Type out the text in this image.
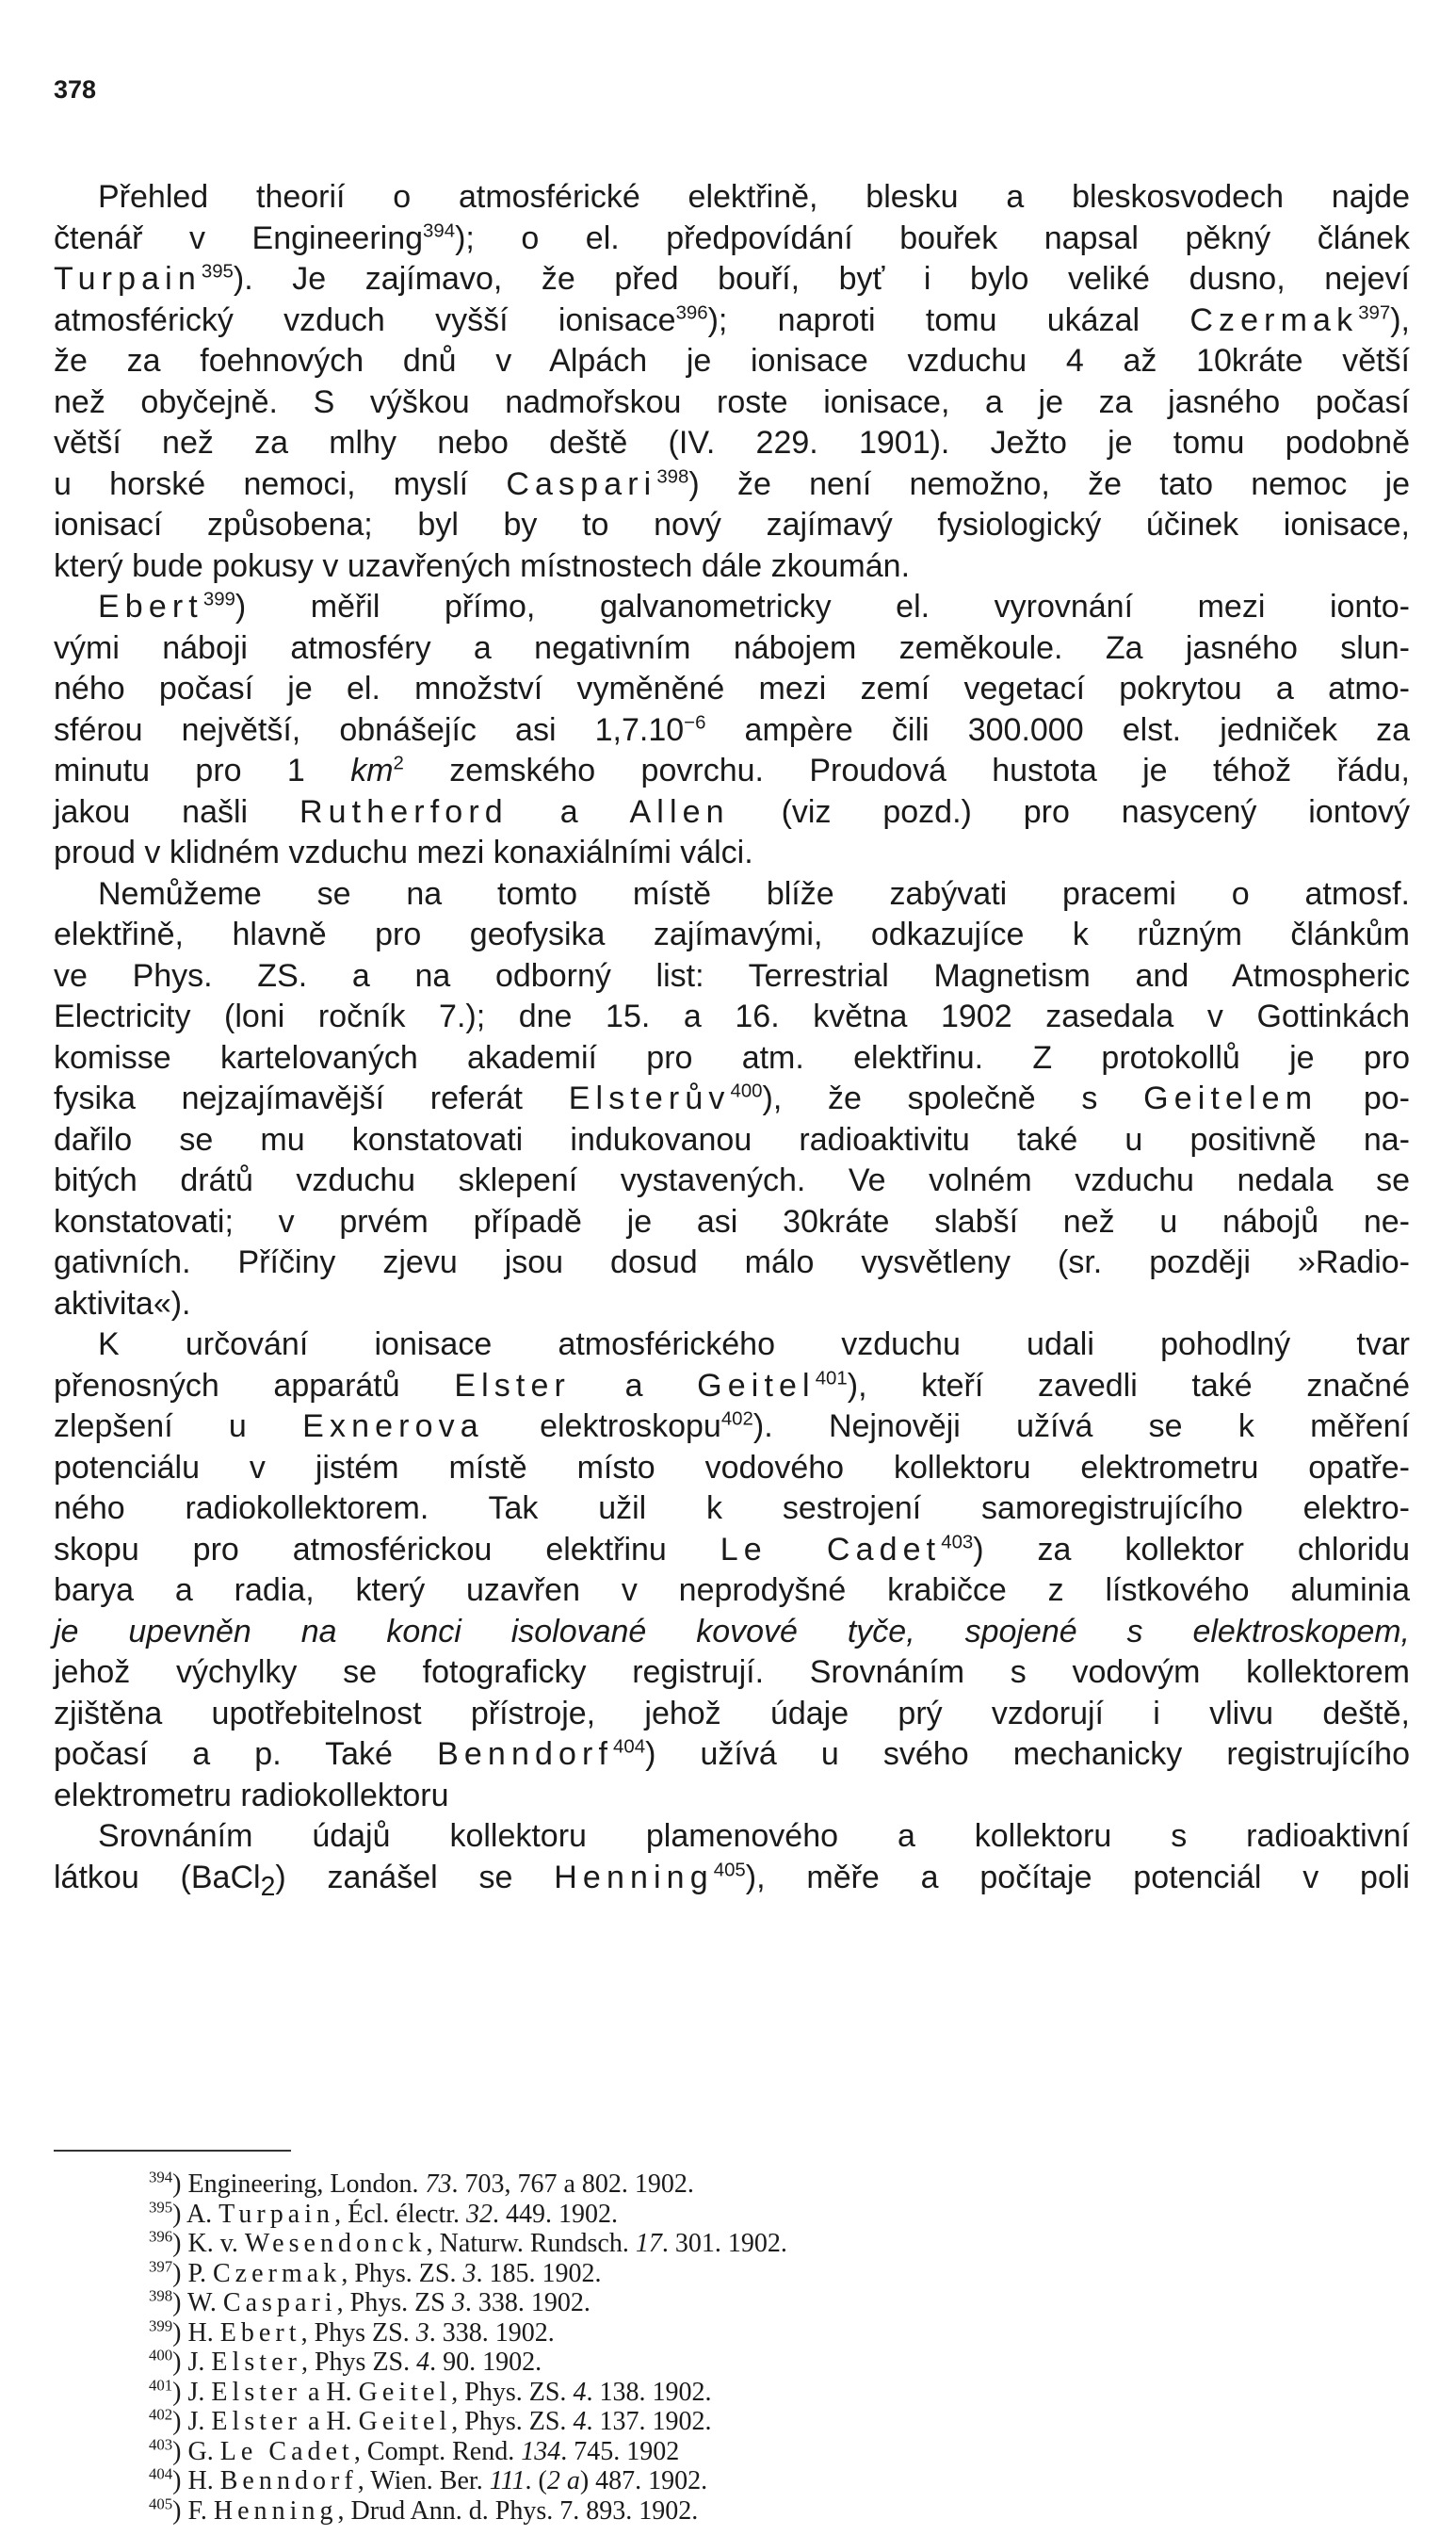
378
Přehled theorií o atmosférické elektřině, blesku a bleskosvodech najde
čtenář v Engineering$^{394}$); o el. předpovídání bouřek napsal pěkný článek
Turpain$^{395}$). Je zajímavo, že před bouří, byť i bylo veliké dusno, nejeví
atmosférický vzduch vyšší ionisace$^{396}$); naproti tomu ukázal Czermak$^{397}$),
že za foehnových dnů v Alpách je ionisace vzduchu 4 až 10kráte větší
než obyčejně. S výškou nadmořskou roste ionisace, a je za jasného počasí
větší než za mlhy nebo deště (IV. 229. 1901). Ježto je tomu podobně
u horské nemoci, myslí Caspari$^{398}$) že není nemožno, že tato nemoc je
ionisací způsobena; byl by to nový zajímavý fysiologický účinek ionisace,
který bude pokusy v uzavřených místnostech dále zkoumán.
Ebert$^{399}$) měřil přímo, galvanometricky el. vyrovnání mezi ionto-
vými náboji atmosféry a negativním nábojem zeměkoule. Za jasného slun-
ného počasí je el. množství vyměněné mezi zemí vegetací pokrytou a atmo-
sférou největší, obnášejíc asi $1,7.10^{-6}$ ampère čili 300.000 elst. jedniček za
minutu pro 1 $km^2$ zemského povrchu. Proudová hustota je téhož řádu,
jakou našli Rutherford a Allen (viz pozd.) pro nasycený iontový
proud v klidném vzduchu mezi konaxiálními válci.
Nemůžeme se na tomto místě blíže zabývati pracemi o atmosf.
elektřině, hlavně pro geofysika zajímavými, odkazujíce k různým článkům
ve Phys. ZS. a na odborný list: Terrestrial Magnetism and Atmospheric
Electricity (loni ročník 7.); dne 15. a 16. května 1902 zasedala v Gottinkách
komisse kartelovaných akademií pro atm. elektřinu. Z protokollů je pro
fysika nejzajímavější referát Elsterův$^{400}$), že společně s Geitelem po-
dařilo se mu konstatovati indukovanou radioaktivitu také u positivně na-
bitých drátů vzduchu sklepení vystavených. Ve volném vzduchu nedala se
konstatovati; v prvém případě je asi 30kráte slabší než u nábojů ne-
gativních. Příčiny zjevu jsou dosud málo vysvětleny (sr. později »Radio-
aktivita«).
K určování ionisace atmosférického vzduchu udali pohodlný tvar
přenosných apparátů Elster a Geitel$^{401}$), kteří zavedli také značné
zlepšení u Exnerova elektroskopu$^{402}$). Nejnověji užívá se k měření
potenciálu v jistém místě místo vodového kollektoru elektrometru opatře-
ného radiokollektorem. Tak užil k sestrojení samoregistrujícího elektro-
skopu pro atmosférickou elektřinu Le Cadet$^{403}$) za kollektor chloridu
barya a radia, který uzavřen v neprodyšné krabičce z lístkového aluminia
je upevněn na konci isolované kovové tyče, spojené s elektroskopem,
jehož výchylky se fotograficky registrují. Srovnáním s vodovým kollektorem
zjištěna upotřebitelnost přístroje, jehož údaje prý vzdorují i vlivu deště,
počasí a p. Také Benndorf$^{404}$) užívá u svého mechanicky registrujícího
elektrometru radiokollektoru
Srovnáním údajů kollektoru plamenového a kollektoru s radioaktivní
látkou (BaCl$_2$) zanášel se Henning$^{405}$), měře a počítaje potenciál v poli
$^{394}$) Engineering, London. 73. 703, 767 a 802. 1902.
$^{395}$) A. Turpain, Écl. électr. 32. 449. 1902.
$^{396}$) K. v. Wesendonck, Naturw. Rundsch. 17. 301. 1902.
$^{397}$) P. Czermak, Phys. ZS. 3. 185. 1902.
$^{398}$) W. Caspari, Phys. ZS 3. 338. 1902.
$^{399}$) H. Ebert, Phys ZS. 3. 338. 1902.
$^{400}$) J. Elster, Phys ZS. 4. 90. 1902.
$^{401}$) J. Elster a H. Geitel, Phys. ZS. 4. 138. 1902.
$^{402}$) J. Elster a H. Geitel, Phys. ZS. 4. 137. 1902.
$^{403}$) G. Le Cadet, Compt. Rend. 134. 745. 1902
$^{404}$) H. Benndorf, Wien. Ber. 111. (2 a) 487. 1902.
$^{405}$) F. Henning, Drud Ann. d. Phys. 7. 893. 1902.
